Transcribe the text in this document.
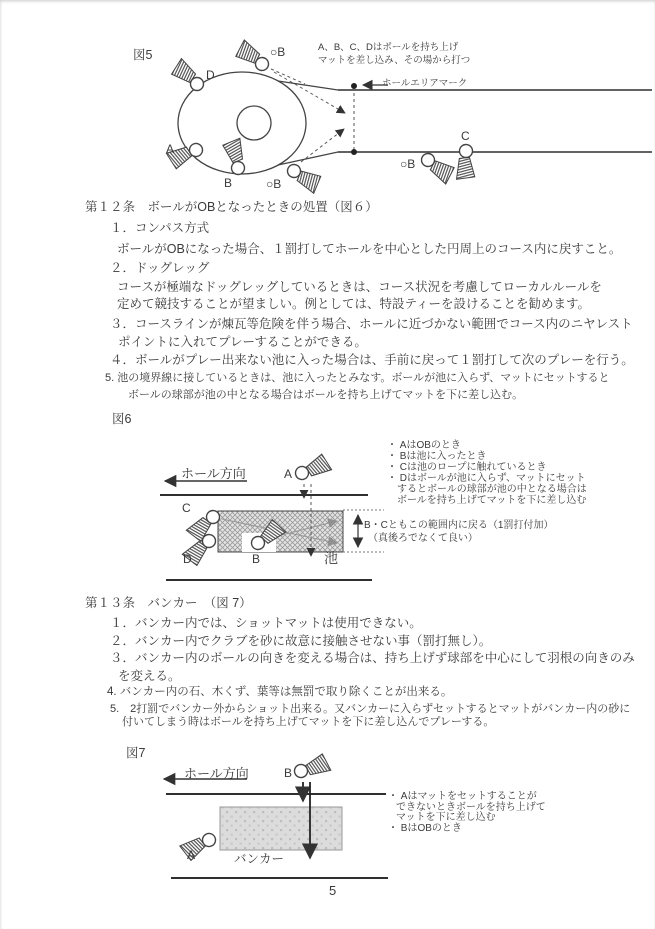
図5
D
A
B
○B
○B
C
○B
A、B、C、Dはボールを持ち上げ
マットを差し込み、その場から打つ
ホールエリアマーク
第１２条　ボールがOBとなったときの処置（図６）
１．コンパス方式
ボールがOBになった場合、１罰打してホールを中心とした円周上のコース内に戻すこと。
２．ドッグレッグ
コースが極端なドッグレッグしているときは、コース状況を考慮してローカルルールを
定めて競技することが望ましい。例としては、特設ティーを設けることを勧めます。
３．コースラインが煉瓦等危険を伴う場合、ホールに近づかない範囲でコース内のニヤレスト
ポイントに入れてプレーすることができる。
４．ボールがプレー出来ない池に入った場合は、手前に戻って１罰打して次のプレーを行う。
5. 池の境界線に接しているときは、池に入ったとみなす。ボールが池に入らず、マットにセットすると
ボールの球部が池の中となる場合はボールを持ち上げてマットを下に差し込む。
図6
A
C
D	B	池
ホール方向
・ AはOBのとき
・ Bは池に入ったとき
・ Cは池のロープに触れているとき
・ Dはボールが池に入らず、マットにセット
するとボールの球部が池の中となる場合は
ボールを持ち上げてマットを下に差し込む
B・Cともこの範囲内に戻る（1罰打付加）
（真後ろでなくて良い）
第１３条　バンカー　（図 7）
１．バンカー内では、ショットマットは使用できない。
２．バンカー内でクラブを砂に故意に接触させない事（罰打無し）。
３．バンカー内のボールの向きを変える場合は、持ち上げず球部を中心にして羽根の向きのみ
を変える。
4. バンカー内の石、木くず、葉等は無罰で取り除くことが出来る。
5.　2打罰でバンカー外からショット出来る。又バンカーに入らずセットするとマットがバンカー内の砂に
付いてしまう時はボールを持ち上げてマットを下に差し込んでプレーする。
図7
B
A
ホール方向
バンカー
・ Aはマットをセットすることが
できないときボールを持ち上げて
マットを下に差し込む
・ BはOBのとき
5
